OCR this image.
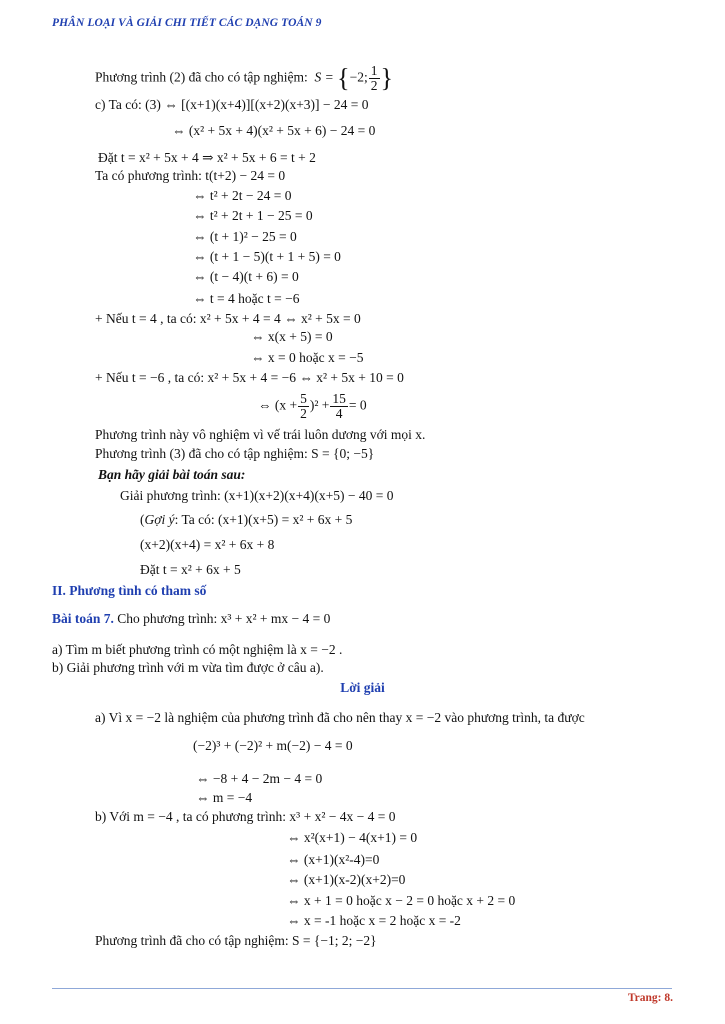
PHÂN LOẠI VÀ GIẢI CHI TIẾT CÁC DẠNG TOÁN 9
Phương trình (2) đã cho có tập nghiệm:  S = {−2; $\frac{1}{2}$ }
c) Ta có: (3) ⇔ [(x+1)(x+4)][(x+2)(x+3)] − 24 = 0
⇔ (x² + 5x + 4)(x² + 5x + 6) − 24 = 0
Đặt t = x² + 5x + 4 ⇒ x² + 5x + 6 = t + 2
Ta có phương trình: t(t+2) − 24 = 0
⇔ t² + 2t − 24 = 0
⇔ t² + 2t + 1 − 25 = 0
⇔ (t + 1)² − 25 = 0
⇔ (t + 1 − 5)(t + 1 + 5) = 0
⇔ (t − 4)(t + 6) = 0
⇔ t = 4 hoặc t = −6
+ Nếu t = 4 , ta có: x² + 5x + 4 = 4 ⇔ x² + 5x = 0
⇔ x(x + 5) = 0
⇔ x = 0 hoặc x = −5
+ Nếu t = −6 , ta có: x² + 5x + 4 = −6 ⇔ x² + 5x + 10 = 0
⇔ $(x + \frac{5}{2} )^2 + \frac{15}{4} = 0$
Phương trình này vô nghiệm vì vế trái luôn dương với mọi x.
Phương trình (3) đã cho có tập nghiệm: S = {0; −5}
Bạn hãy giải bài toán sau:
Giải phương trình: (x+1)(x+2)(x+4)(x+5) − 40 = 0
(Gợi ý: Ta có: (x+1)(x+5) = x² + 6x + 5
(x+2)(x+4) = x² + 6x + 8
Đặt t = x² + 6x + 5
II. Phương tình có tham số
Bài toán 7. Cho phương trình: x³ + x² + mx − 4 = 0
a) Tìm m biết phương trình có một nghiệm là x = −2 .
b) Giải phương trình với m vừa tìm được ở câu a).
Lời giải
a) Vì x = −2 là nghiệm của phương trình đã cho nên thay x = −2 vào phương trình, ta được
(−2)³ + (−2)² + m(−2) − 4 = 0
⇔ −8 + 4 − 2m − 4 = 0
⇔ m = −4
b) Với m = −4 , ta có phương trình: x³ + x² − 4x − 4 = 0
⇔ x²(x+1) − 4(x+1) = 0
⇔ (x+1)(x²-4)=0
⇔ (x+1)(x-2)(x+2)=0
⇔ x + 1 = 0 hoặc x − 2 = 0 hoặc x + 2 = 0
⇔ x = -1 hoặc x = 2 hoặc x = -2
Phương trình đã cho có tập nghiệm: S = {−1; 2; −2}
Trang: 8.
